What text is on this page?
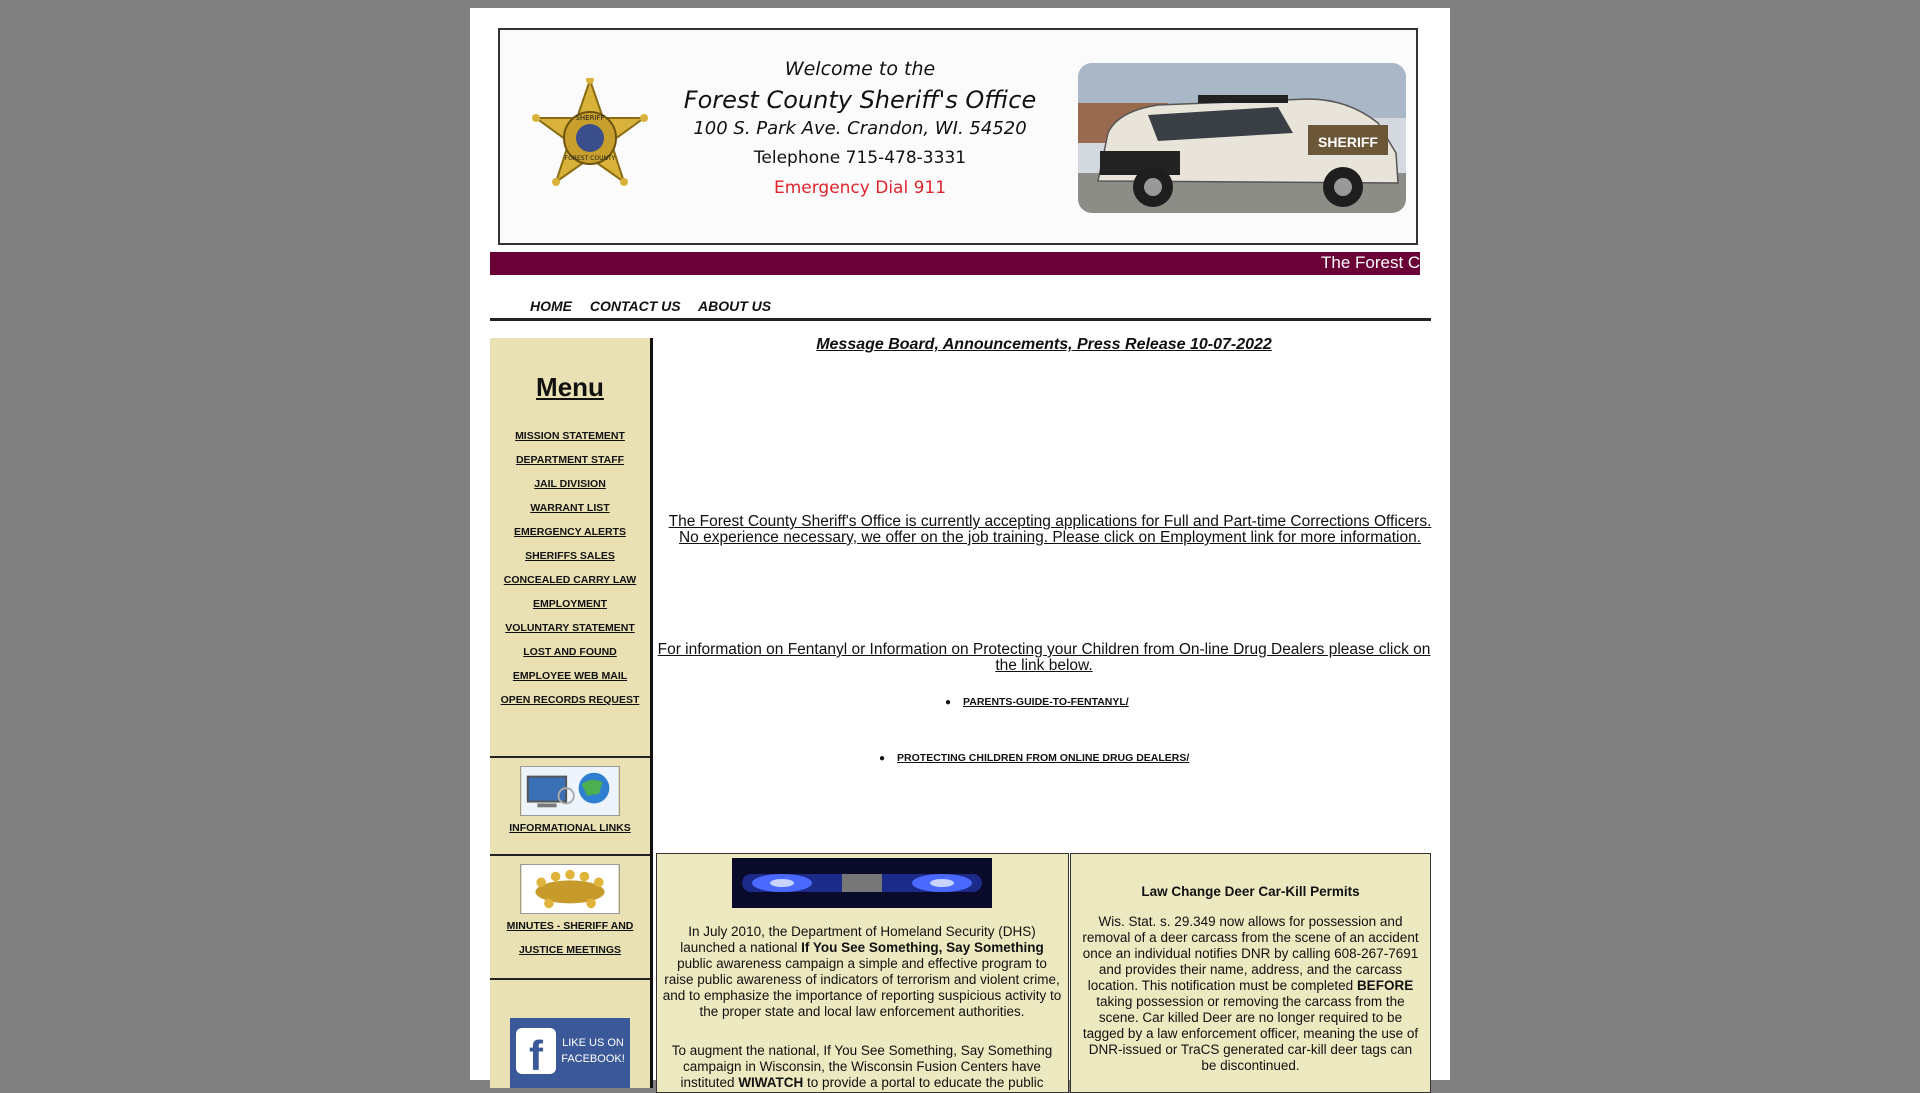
SHERIFF
FOREST COUNTY
Welcome to the
Forest County Sheriff's Office
100 S. Park Ave. Crandon, WI. 54520
Telephone 715-478-3331
Emergency Dial 911
SHERIFF
The Forest C
HOME CONTACT US ABOUT US
Menu
MISSION STATEMENT
DEPARTMENT STAFF
JAIL DIVISION
WARRANT LIST
EMERGENCY ALERTS
SHERIFFS SALES
CONCEALED CARRY LAW
EMPLOYMENT
VOLUNTARY STATEMENT
LOST AND FOUND
EMPLOYEE WEB MAIL
OPEN RECORDS REQUEST
INFORMATIONAL LINKS
MINUTES - SHERIFF AND
JUSTICE MEETINGS
f LIKE US ON
FACEBOOK!
Message Board, Announcements, Press Release 10-07-2022
The Forest County Sheriff's Office is currently accepting applications for Full and Part-time Corrections Officers. No experience necessary, we offer on the job training. Please click on Employment link for more information.
For information on Fentanyl or Information on Protecting your Children from On-line Drug Dealers please click on the link below.
● PARENTS-GUIDE-TO-FENTANYL/
● PROTECTING CHILDREN FROM ONLINE DRUG DEALERS/

In July 2010, the Department of Homeland Security (DHS) launched a national If You See Something, Say Something public awareness campaign a simple and effective program to raise public awareness of indicators of terrorism and violent crime, and to emphasize the importance of reporting suspicious activity to the proper state and local law enforcement authorities.

To augment the national, If You See Something, Say Something campaign in Wisconsin, the Wisconsin Fusion Centers have instituted WIWATCH to provide a portal to educate the public

Law Change Deer Car-Kill Permits

Wis. Stat. s. 29.349 now allows for possession and removal of a deer carcass from the scene of an accident once an individual notifies DNR by calling 608-267-7691 and provides their name, address, and the carcass location. This notification must be completed BEFORE taking possession or removing the carcass from the scene. Car killed Deer are no longer required to be tagged by a law enforcement officer, meaning the use of DNR-issued or TraCS generated car-kill deer tags can be discontinued.
